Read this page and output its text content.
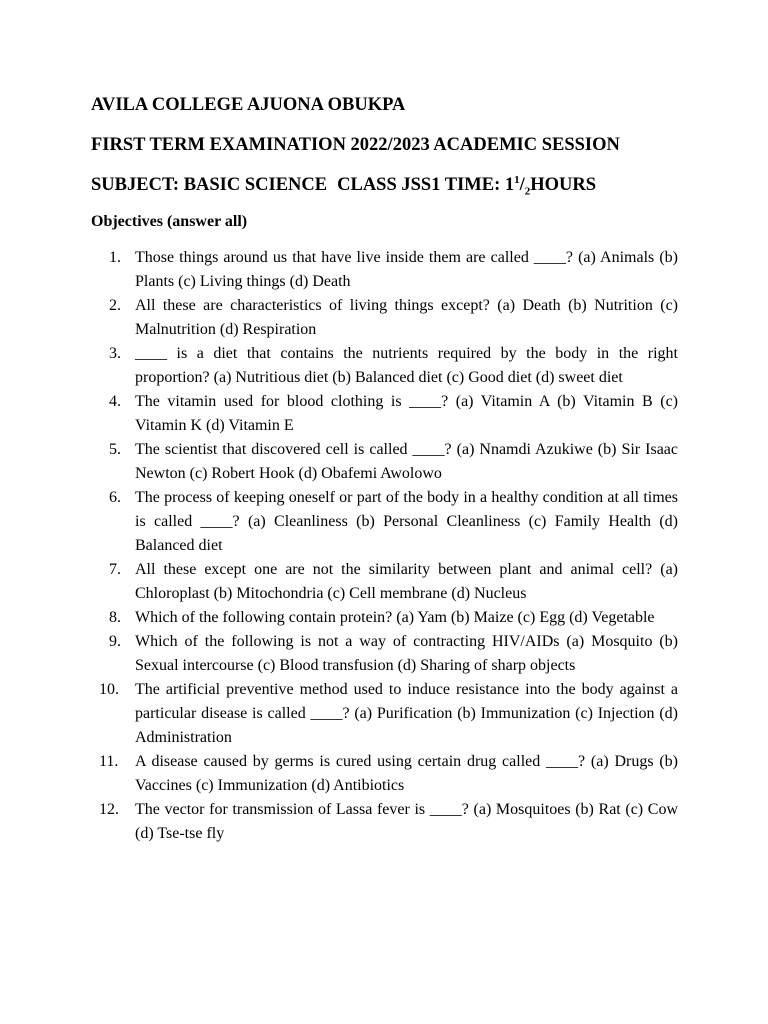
AVILA COLLEGE AJUONA OBUKPA

FIRST TERM EXAMINATION 2022/2023 ACADEMIC SESSION

SUBJECT: BASIC SCIENCE CLASS JSS1 TIME: $1^1/_2HOURS$

Objectives (answer all)

1. Those things around us that have live inside them are called ____? (a) Animals (b) Plants (c) Living things (d) Death
2. All these are characteristics of living things except? (a) Death (b) Nutrition (c) Malnutrition (d) Respiration
3. ____ is a diet that contains the nutrients required by the body in the right proportion? (a) Nutritious diet (b) Balanced diet (c) Good diet (d) sweet diet
4. The vitamin used for blood clothing is ____? (a) Vitamin A (b) Vitamin B (c) Vitamin K (d) Vitamin E
5. The scientist that discovered cell is called ____? (a) Nnamdi Azukiwe (b) Sir Isaac Newton (c) Robert Hook (d) Obafemi Awolowo
6. The process of keeping oneself or part of the body in a healthy condition at all times is called ____? (a) Cleanliness (b) Personal Cleanliness (c) Family Health (d) Balanced diet
7. All these except one are not the similarity between plant and animal cell? (a) Chloroplast (b) Mitochondria (c) Cell membrane (d) Nucleus
8. Which of the following contain protein? (a) Yam (b) Maize (c) Egg (d) Vegetable
9. Which of the following is not a way of contracting HIV/AIDs (a) Mosquito (b) Sexual intercourse (c) Blood transfusion (d) Sharing of sharp objects
10. The artificial preventive method used to induce resistance into the body against a particular disease is called ____? (a) Purification (b) Immunization (c) Injection (d) Administration
11. A disease caused by germs is cured using certain drug called ____? (a) Drugs (b) Vaccines (c) Immunization (d) Antibiotics
12. The vector for transmission of Lassa fever is ____? (a) Mosquitoes (b) Rat (c) Cow (d) Tse-tse fly
